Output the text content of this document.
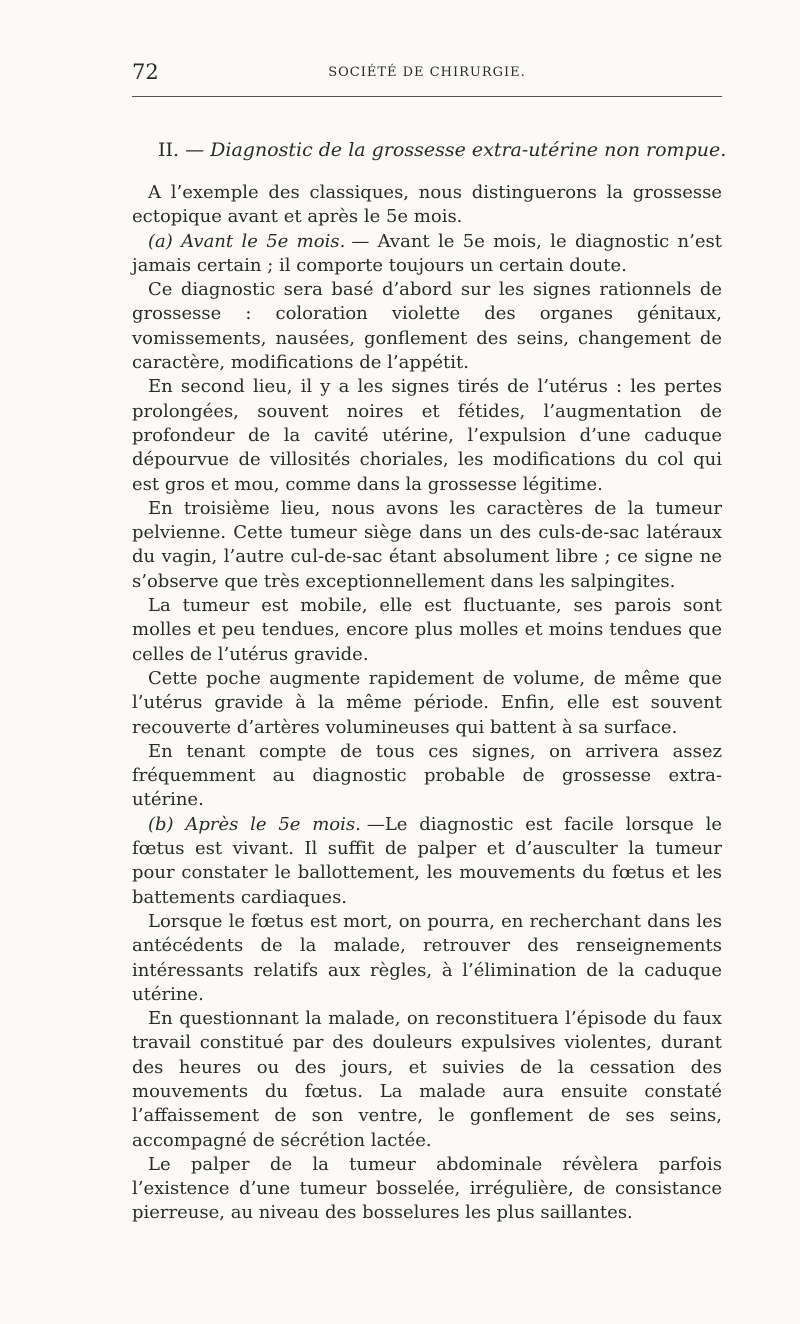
72	SOCIÉTÉ DE CHIRURGIE.
II. — Diagnostic de la grossesse extra-utérine non rompue.

A l’exemple des classiques, nous distinguerons la grossesse ectopique avant et après le 5e mois.

(a) Avant le 5e mois. — Avant le 5e mois, le diagnostic n’est jamais certain ; il comporte toujours un certain doute.

Ce diagnostic sera basé d’abord sur les signes rationnels de grossesse : coloration violette des organes génitaux, vomissements, nausées, gonflement des seins, changement de caractère, modifications de l’appétit.

En second lieu, il y a les signes tirés de l’utérus : les pertes prolongées, souvent noires et fétides, l’augmentation de profondeur de la cavité utérine, l’expulsion d’une caduque dépourvue de villosités choriales, les modifications du col qui est gros et mou, comme dans la grossesse légitime.

En troisième lieu, nous avons les caractères de la tumeur pelvienne. Cette tumeur siège dans un des culs-de-sac latéraux du vagin, l’autre cul-de-sac étant absolument libre ; ce signe ne s’observe que très exceptionnellement dans les salpingites.

La tumeur est mobile, elle est fluctuante, ses parois sont molles et peu tendues, encore plus molles et moins tendues que celles de l’utérus gravide.

Cette poche augmente rapidement de volume, de même que l’utérus gravide à la même période. Enfin, elle est souvent recouverte d’artères volumineuses qui battent à sa surface.

En tenant compte de tous ces signes, on arrivera assez fréquemment au diagnostic probable de grossesse extra-utérine.

(b) Après le 5e mois. —Le diagnostic est facile lorsque le fœtus est vivant. Il suffit de palper et d’ausculter la tumeur pour constater le ballottement, les mouvements du fœtus et les battements cardiaques.

Lorsque le fœtus est mort, on pourra, en recherchant dans les antécédents de la malade, retrouver des renseignements intéressants relatifs aux règles, à l’élimination de la caduque utérine.

En questionnant la malade, on reconstituera l’épisode du faux travail constitué par des douleurs expulsives violentes, durant des heures ou des jours, et suivies de la cessation des mouvements du fœtus. La malade aura ensuite constaté l’affaissement de son ventre, le gonflement de ses seins, accompagné de sécrétion lactée.

Le palper de la tumeur abdominale révèlera parfois l’existence d’une tumeur bosselée, irrégulière, de consistance pierreuse, au niveau des bosselures les plus saillantes.
